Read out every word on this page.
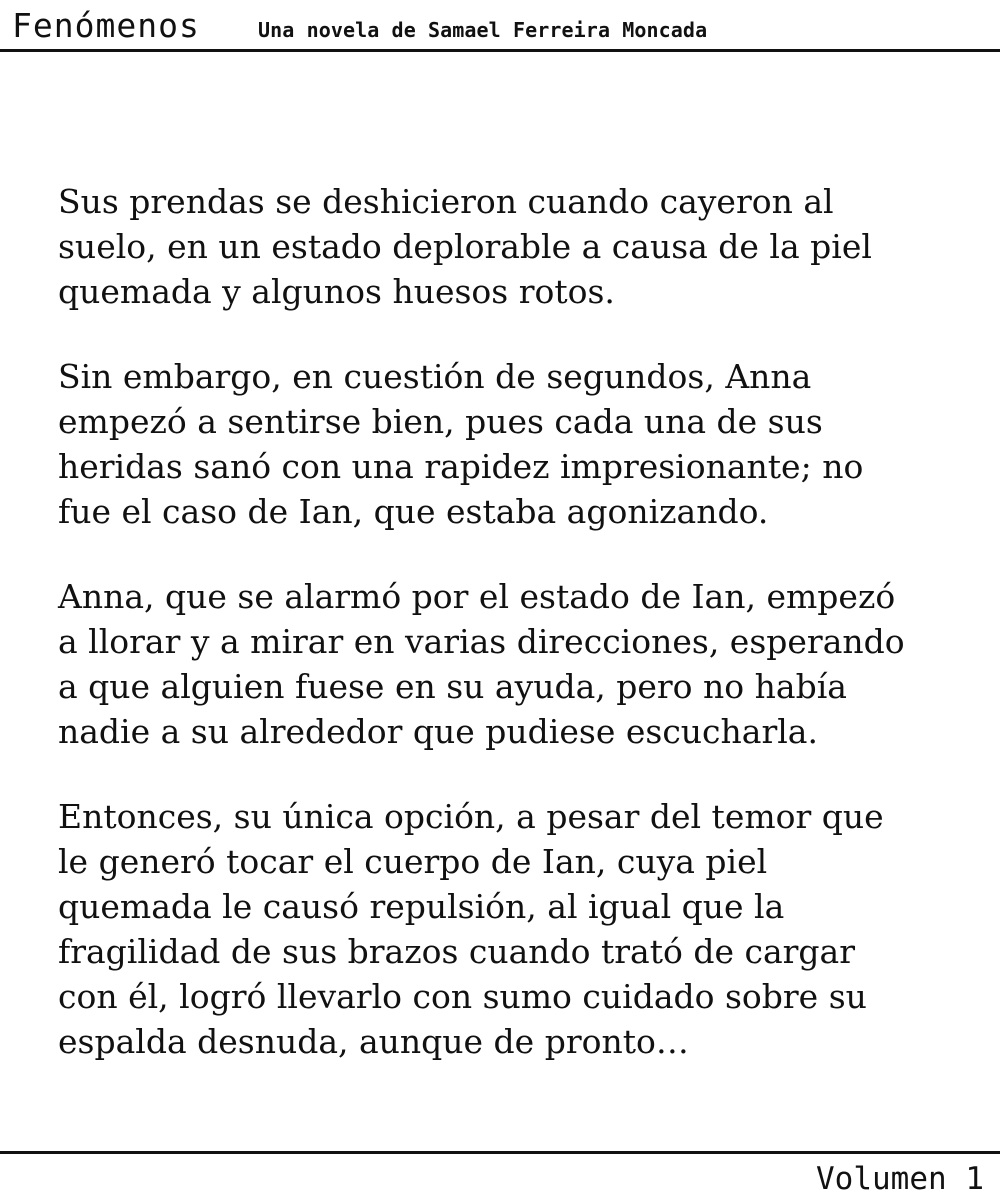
Fenómenos	Una novela de Samael Ferreira Moncada

Sus prendas se deshicieron cuando cayeron al
suelo, en un estado deplorable a causa de la piel
quemada y algunos huesos rotos.

Sin embargo, en cuestión de segundos, Anna
empezó a sentirse bien, pues cada una de sus
heridas sanó con una rapidez impresionante; no
fue el caso de Ian, que estaba agonizando.

Anna, que se alarmó por el estado de Ian, empezó
a llorar y a mirar en varias direcciones, esperando
a que alguien fuese en su ayuda, pero no había
nadie a su alrededor que pudiese escucharla.

Entonces, su única opción, a pesar del temor que
le generó tocar el cuerpo de Ian, cuya piel
quemada le causó repulsión, al igual que la
fragilidad de sus brazos cuando trató de cargar
con él, logró llevarlo con sumo cuidado sobre su
espalda desnuda, aunque de pronto…

Volumen 1
